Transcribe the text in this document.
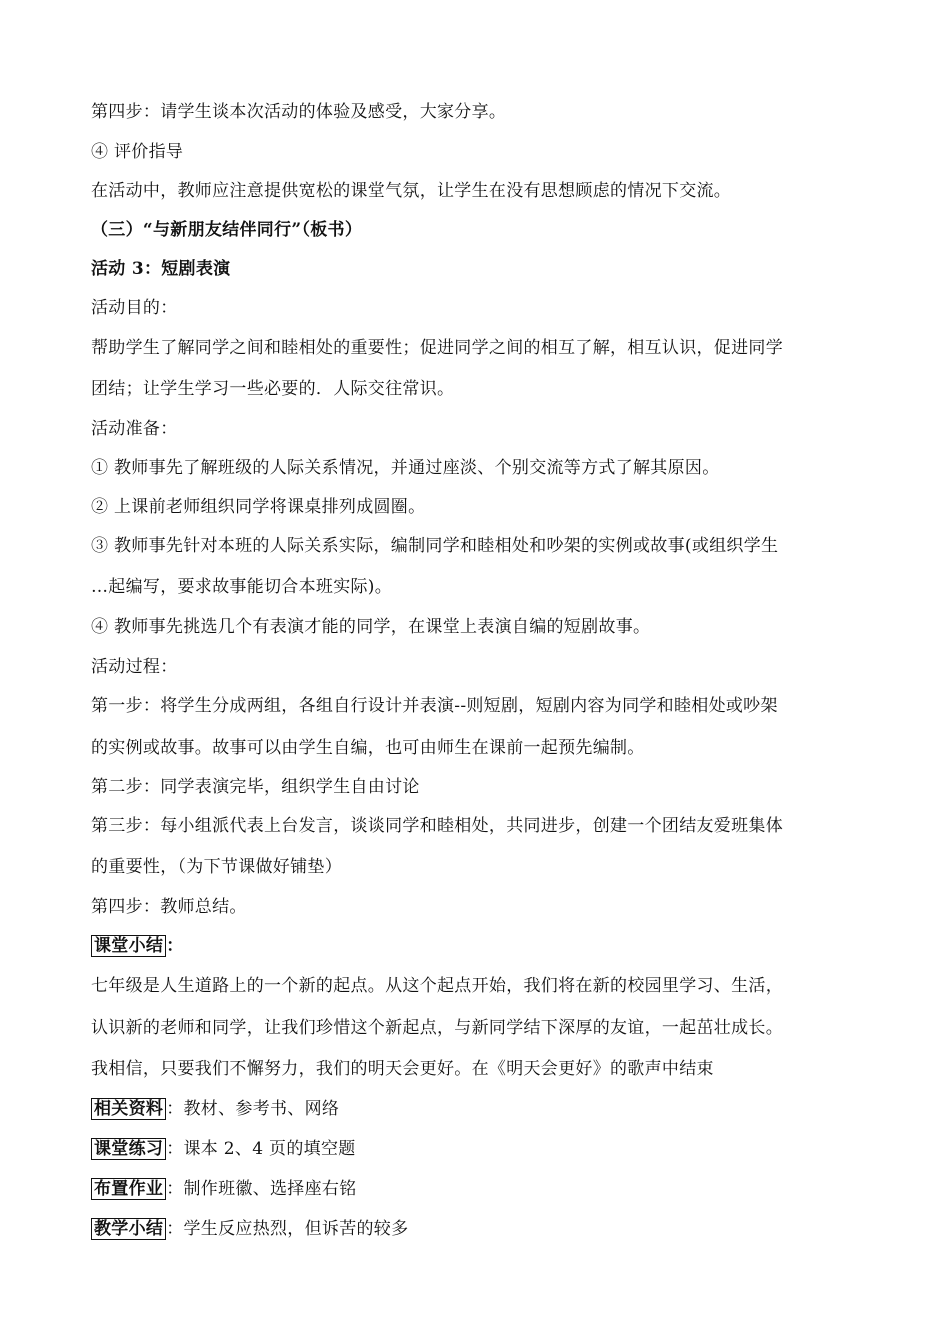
第四步：请学生谈本次活动的体验及感受，大家分享。
④ 评价指导
在活动中，教师应注意提供宽松的课堂气氛，让学生在没有思想顾虑的情况下交流。
（三）“与新朋友结伴同行”（板书）
活动 3：短剧表演
活动目的：
帮助学生了解同学之间和睦相处的重要性；促进同学之间的相互了解，相互认识，促进同学
团结；让学生学习一些必要的．人际交往常识。
活动准备：
① 教师事先了解班级的人际关系情况，并通过座淡、个别交流等方式了解其原因。
② 上课前老师组织同学将课桌排列成圆圈。
③ 教师事先针对本班的人际关系实际，编制同学和睦相处和吵架的实例或故事(或组织学生
…起编写，要求故事能切合本班实际)。
④ 教师事先挑选几个有表演才能的同学，在课堂上表演自编的短剧故事。
活动过程：
第一步：将学生分成两组，各组自行设计并表演--则短剧，短剧内容为同学和睦相处或吵架
的实例或故事。故事可以由学生自编，也可由师生在课前一起预先编制。
第二步：同学表演完毕，组织学生自由讨论
第三步：每小组派代表上台发言，谈谈同学和睦相处，共同进步，创建一个团结友爱班集体
的重要性，（为下节课做好铺垫）
第四步：教师总结。
课堂小结 ：
七年级是人生道路上的一个新的起点。从这个起点开始，我们将在新的校园里学习、生活，
认识新的老师和同学，让我们珍惜这个新起点，与新同学结下深厚的友谊，一起茁壮成长。
我相信，只要我们不懈努力，我们的明天会更好。在《明天会更好》的歌声中结束
相关资料 ：教材、参考书、网络
课堂练习 ：课本 2、4 页的填空题
布置作业 ：制作班徽、选择座右铭
教学小结 ：学生反应热烈，但诉苦的较多
